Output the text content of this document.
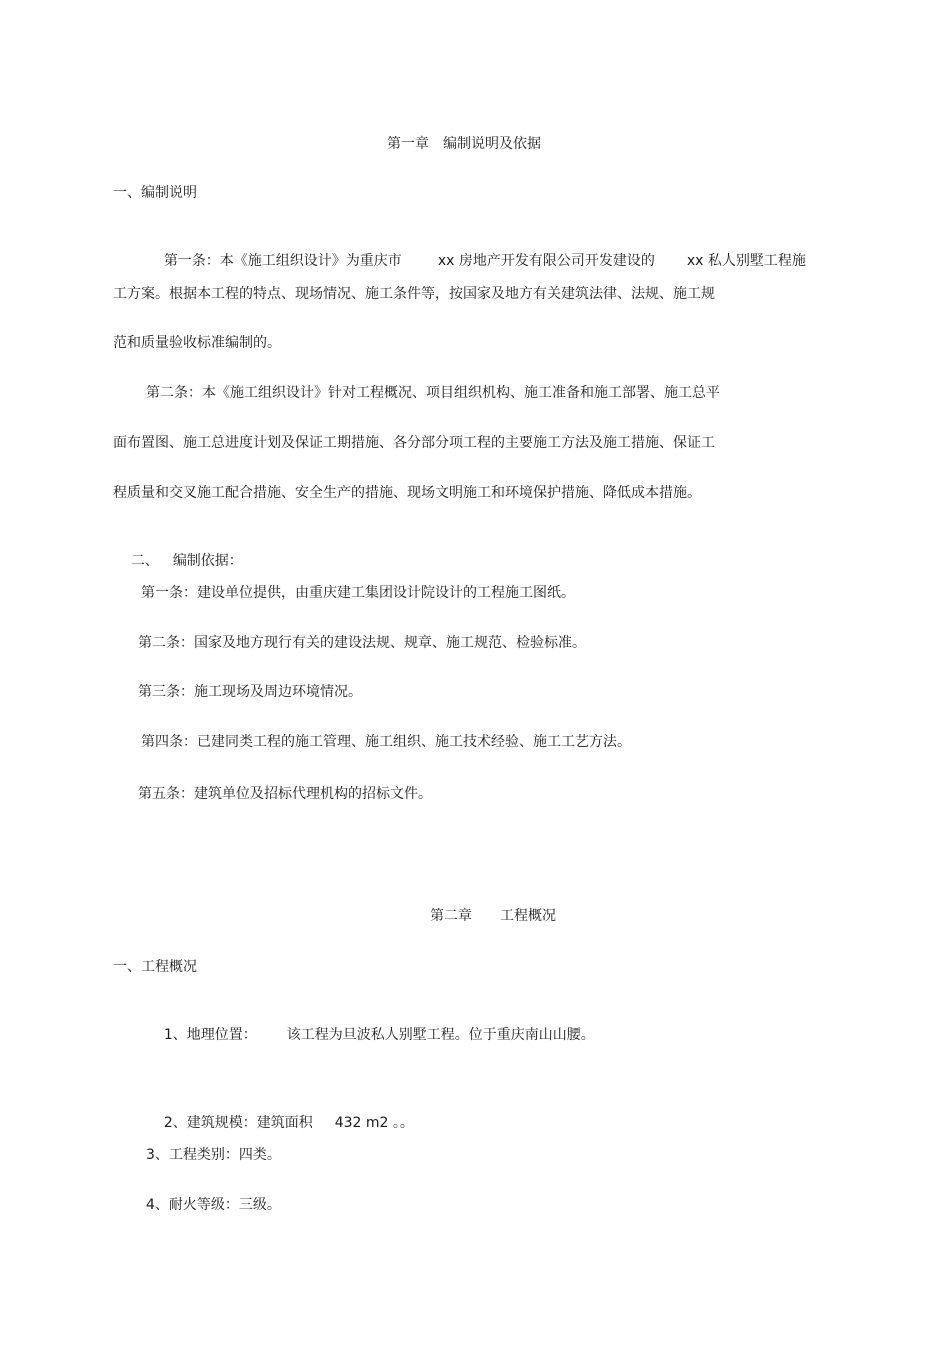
第一章　编制说明及依据
一、编制说明

第一条：本《施工组织设计》为重庆市	xx 房地产开发有限公司开发建设的 xx 私人别墅工程施

工方案。根据本工程的特点、现场情况、施工条件等，按国家及地方有关建筑法律、法规、施工规
范和质量验收标准编制的。
第二条：本《施工组织设计》针对工程概况、项目组织机构、施工准备和施工部署、施工总平
面布置图、施工总进度计划及保证工期措施、各分部分项工程的主要施工方法及施工措施、保证工
程质量和交叉施工配合措施、安全生产的措施、现场文明施工和环境保护措施、降低成本措施。

二、 编制依据：

第一条：建设单位提供，由重庆建工集团设计院设计的工程施工图纸。
第二条：国家及地方现行有关的建设法规、规章、施工规范、检验标准。
第三条：施工现场及周边环境情况。
第四条：已建同类工程的施工管理、施工组织、施工技术经验、施工工艺方法。
第五条：建筑单位及招标代理机构的招标文件。
第二章　　工程概况
一、工程概况

1、地理位置： 该工程为旦波私人别墅工程。位于重庆南山山腰。

2、建筑规模：建筑面积 432 m2 。。

3、工程类别：四类。
4、耐火等级：三级。
